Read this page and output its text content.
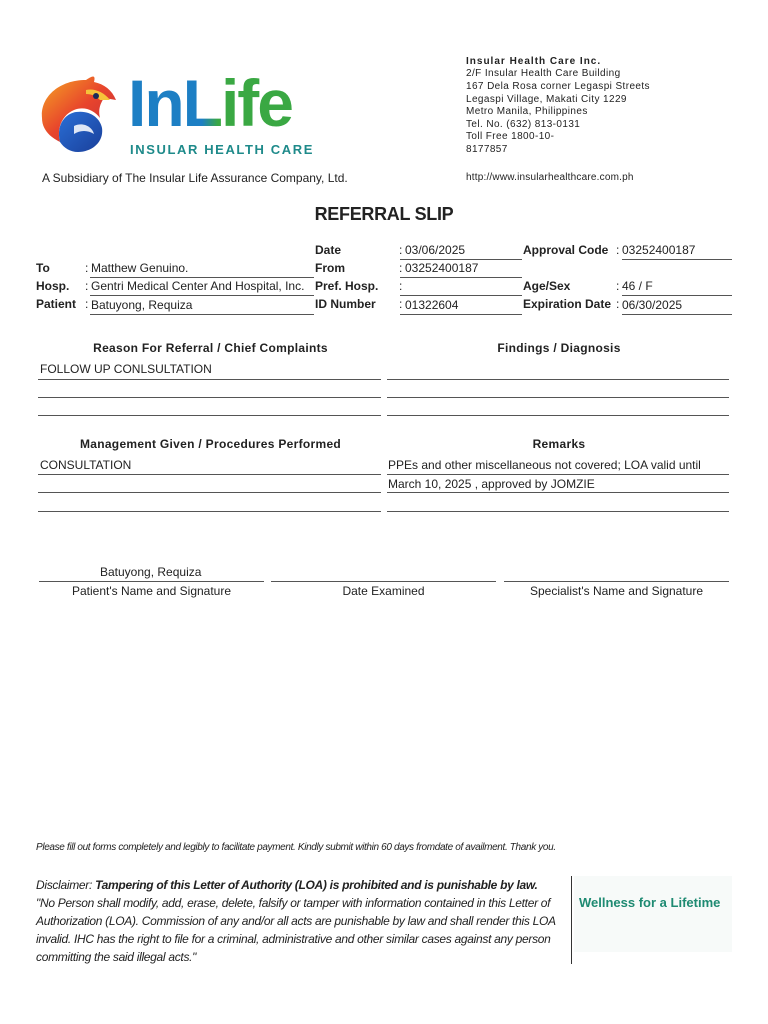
InLife
INSULAR HEALTH CARE
A Subsidiary of The Insular Life Assurance Company, Ltd.
Insular Health Care Inc.
2/F Insular Health Care Building
167 Dela Rosa corner Legaspi Streets
Legaspi Village, Makati City 1229
Metro Manila, Philippines
Tel. No. (632) 813-0131
Toll Free 1800-10-
8177857
http://www.insularhealthcare.com.ph
REFERRAL SLIP
To	: Matthew Genuino.
Hosp. : Gentri Medical Center And Hospital, Inc.
Patient : Batuyong, Requiza
Date	: 03/06/2025
From	: 03252400187
Pref. Hosp. :
ID Number : 01322604
Approval Code : 03252400187
Age/Sex	: 46 / F
Expiration Date : 06/30/2025
Reason For Referral / Chief Complaints	Findings / Diagnosis
FOLLOW UP CONLSULTATION
Management Given / Procedures Performed	Remarks
CONSULTATION	PPEs and other miscellaneous not covered; LOA valid until
March 10, 2025 , approved by JOMZIE
Batuyong, Requiza
Patient's Name and Signature	Date Examined	Specialist's Name and Signature
Please fill out forms completely and legibly to facilitate payment. Kindly submit within 60 days fromdate of availment. Thank you.
Disclaimer: Tampering of this Letter of Authority (LOA) is prohibited and is punishable by law.
"No Person shall modify, add, erase, delete, falsify or tamper with information contained in this Letter of
Authorization (LOA). Commission of any and/or all acts are punishable by law and shall render this LOA
invalid. IHC has the right to file for a criminal, administrative and other similar cases against any person
committing the said illegal acts."
Wellness for a Lifetime
